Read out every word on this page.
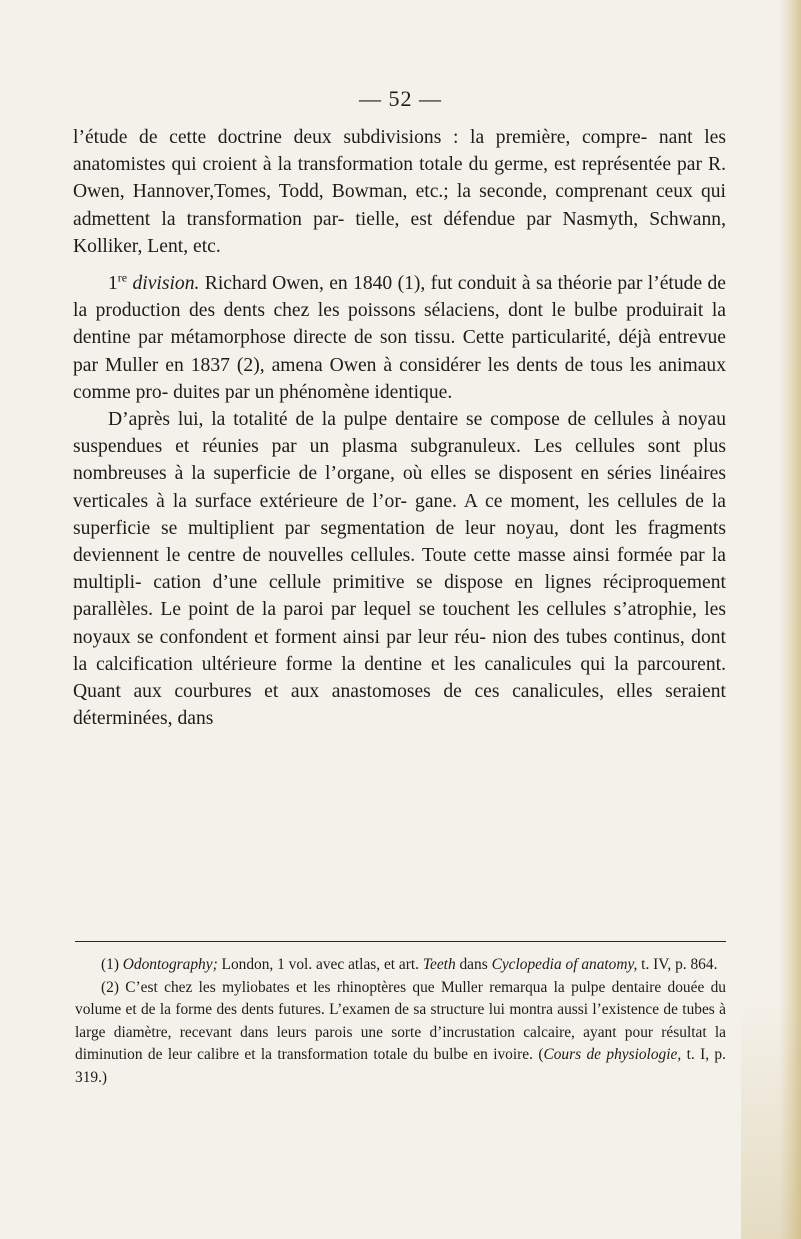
— 52 —

l’étude de cette doctrine deux subdivisions : la première, compre- nant les anatomistes qui croient à la transformation totale du germe, est représentée par R. Owen, Hannover,Tomes, Todd, Bowman, etc.; la seconde, comprenant ceux qui admettent la transformation par- tielle, est défendue par Nasmyth, Schwann, Kolliker, Lent, etc.

1re division. Richard Owen, en 1840 (1), fut conduit à sa théorie par l’étude de la production des dents chez les poissons sélaciens, dont le bulbe produirait la dentine par métamorphose directe de son tissu. Cette particularité, déjà entrevue par Muller en 1837 (2), amena Owen à considérer les dents de tous les animaux comme pro- duites par un phénomène identique.

D’après lui, la totalité de la pulpe dentaire se compose de cellules à noyau suspendues et réunies par un plasma subgranuleux. Les cellules sont plus nombreuses à la superficie de l’organe, où elles se disposent en séries linéaires verticales à la surface extérieure de l’or- gane. A ce moment, les cellules de la superficie se multiplient par segmentation de leur noyau, dont les fragments deviennent le centre de nouvelles cellules. Toute cette masse ainsi formée par la multipli- cation d’une cellule primitive se dispose en lignes réciproquement parallèles. Le point de la paroi par lequel se touchent les cellules s’atrophie, les noyaux se confondent et forment ainsi par leur réu- nion des tubes continus, dont la calcification ultérieure forme la dentine et les canalicules qui la parcourent. Quant aux courbures et aux anastomoses de ces canalicules, elles seraient déterminées, dans

(1) Odontography; London, 1 vol. avec atlas, et art. Teeth dans Cyclopedia of anatomy, t. IV, p. 864.

(2) C’est chez les myliobates et les rhinoptères que Muller remarqua la pulpe dentaire douée du volume et de la forme des dents futures. L’examen de sa structure lui montra aussi l’existence de tubes à large diamètre, recevant dans leurs parois une sorte d’incrustation calcaire, ayant pour résultat la diminution de leur calibre et la transformation totale du bulbe en ivoire. (Cours de physiologie, t. I, p. 319.)
